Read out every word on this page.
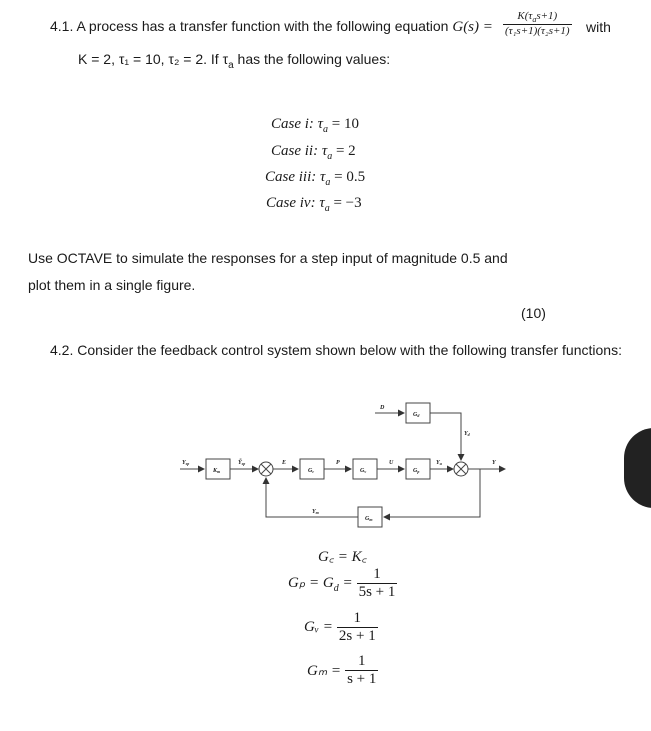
4.1. A process has a transfer function with the following equation $G(s) = \frac{K(\tau_as+1)}{\text{(τ₁s+1)(τ₂s+1)}}$ with
K = 2, τ₁ = 10, τ₂ = 2. If $\tau_a$ has the following values:
Case i: $\tau_a = 10$
Case ii: $\tau_a = 2$
Case iii: $\tau_a = 0.5$
Case iv: $\tau_a = -3$
Use OCTAVE to simulate the responses for a step input of magnitude 0.5 and
plot them in a single figure.
(10)
4.2. Consider the feedback control system shown below with the following transfer functions:
Ysp
Km
Ỹsp	E
Gc
P
Gv
U
Gp
Yu	Y
D
Gd
Yd
Ym
Gm
G꜀ = K꜀
$G_p = G_d = \frac{1}{5s + 1}$
Gᵥ = $\frac{1}{2s + 1}$
$G_m = \frac{1}{s + 1}$
